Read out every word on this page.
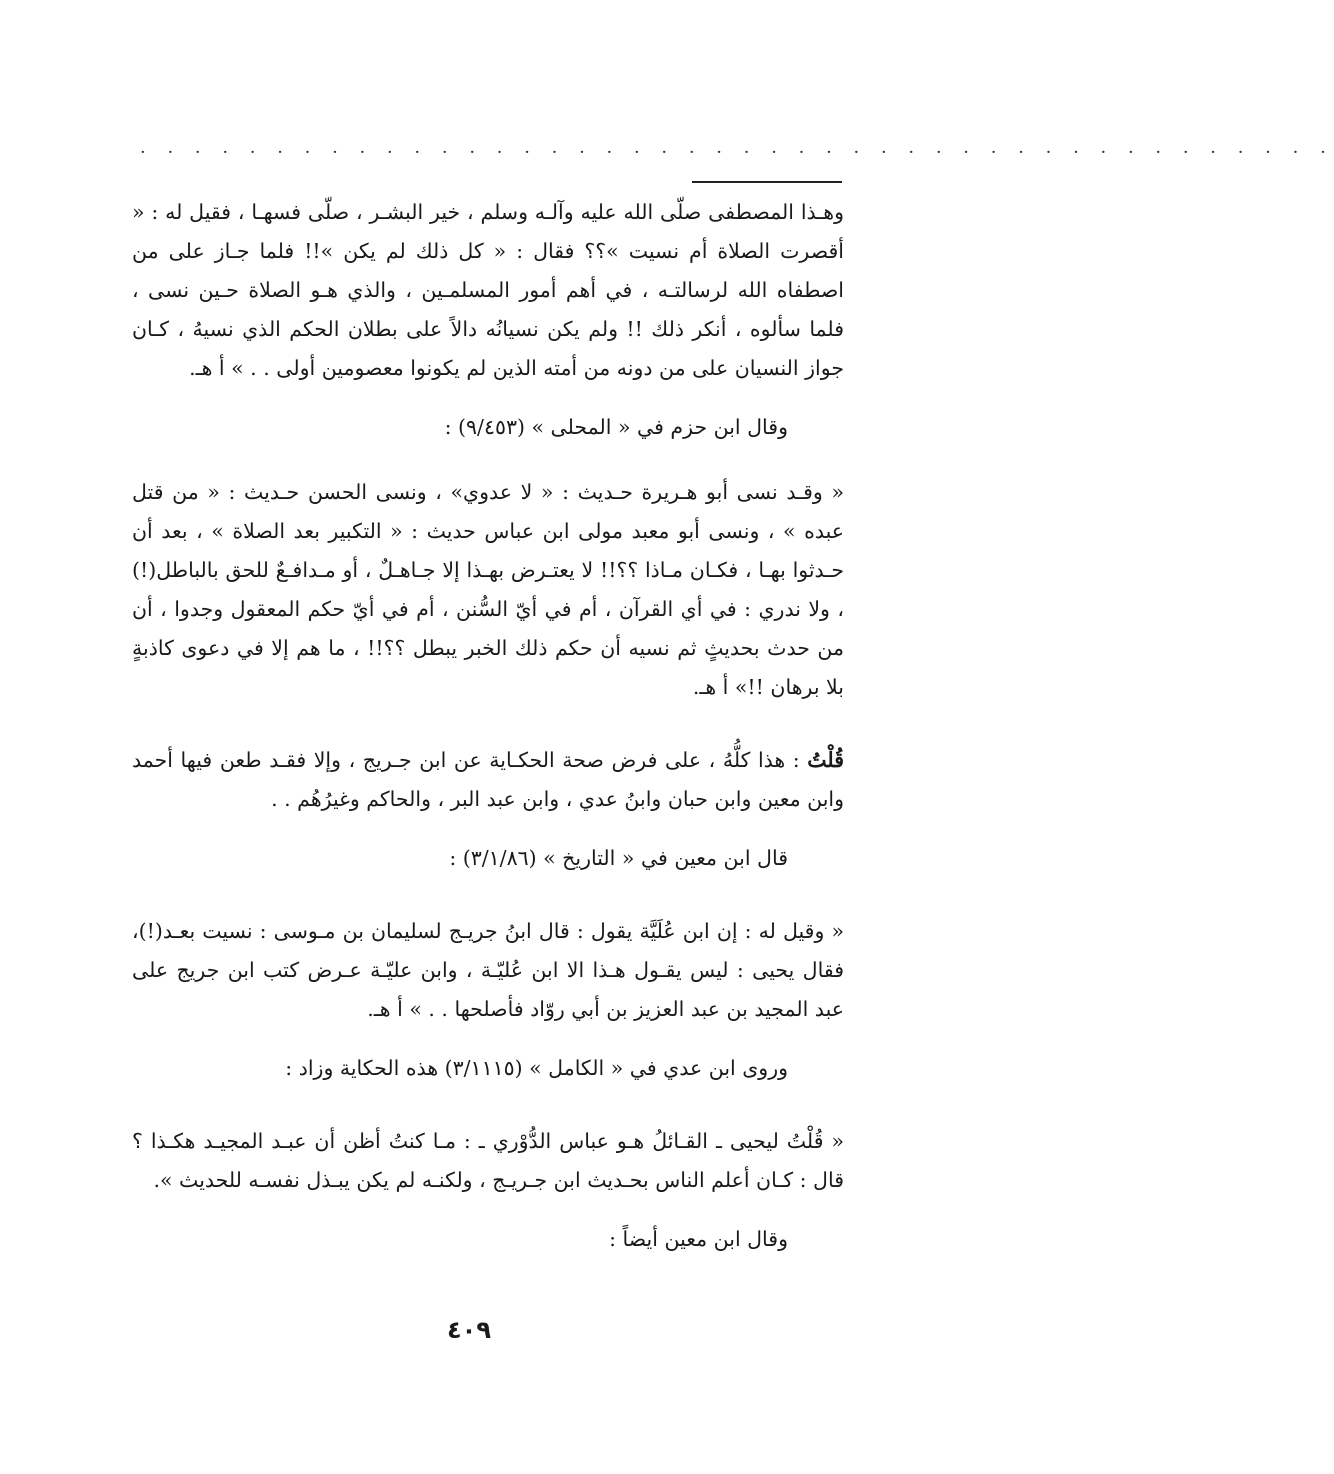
· · · · · · · · · · · · · · · · · · · · · · · · · · · · · · · · · · · · · · · · · · · ·

وهـذا المصطفى صلّى الله عليه وآلـه وسلم ، خير البشـر ، صلّى فسهـا ، فقيل له : « أقصرت الصلاة أم نسيت »؟؟ فقال : « كل ذلك لم يكن »!! فلما جـاز على من اصطفاه الله لرسالتـه ، في أهم أمور المسلمـين ، والذي هـو الصلاة حـين نسى ، فلما سألوه ، أنكر ذلك !! ولم يكن نسيانُه دالاً على بطلان الحكم الذي نسيهُ ، كـان جواز النسيان على من دونه من أمته الذين لم يكونوا معصومين أولى . . » أ هـ.

وقال ابن حزم في « المحلى » (٩/٤٥٣) :

« وقـد نسى أبو هـريرة حـديث : « لا عدوي» ، ونسى الحسن حـديث : « من قتل عبده » ، ونسى أبو معبد مولى ابن عباس حديث : « التكبير بعد الصلاة » ، بعد أن حـدثوا بهـا ، فكـان مـاذا ؟؟!! لا يعتـرض بهـذا إلا جـاهـلٌ ، أو مـدافـعٌ للحق بالباطل(!) ، ولا ندري : في أي القرآن ، أم في أيّ السُّنن ، أم في أيّ حكم المعقول وجدوا ، أن من حدث بحديثٍ ثم نسيه أن حكم ذلك الخبر يبطل ؟؟!! ، ما هم إلا في دعوى كاذبةٍ بلا برهان !!» أ هـ.

قُلْتُ : هذا كلُّهُ ، على فرض صحة الحكـاية عن ابن جـريج ، وإلا فقـد طعن فيها أحمد وابن معين وابن حبان وابنُ عدي ، وابن عبد البر ، والحاكم وغيرُهُم . .

قال ابن معين في « التاريخ » (٣/١/٨٦) :

« وقيل له : إن ابن عُلَيَّة يقول : قال ابنُ جريـج لسليمان بن مـوسى : نسيت بعـد(!)، فقال يحيى : ليس يقـول هـذا الا ابن عُليّـة ، وابن عليّـة عـرض كتب ابن جريج على عبد المجيد بن عبد العزيز بن أبي روّاد فأصلحها . . » أ هـ.

وروى ابن عدي في « الكامل » (٣/١١١٥) هذه الحكاية وزاد :

« قُلْتُ ليحيى ـ القـائلُ هـو عباس الدُّوْري ـ : مـا كنتُ أظن أن عبـد المجيـد هكـذا ؟ قال : كـان أعلم الناس بحـديث ابن جـريـج ، ولكنـه لم يكن يبـذل نفسـه للحديث ».

وقال ابن معين أيضاً :

٤٠٩
